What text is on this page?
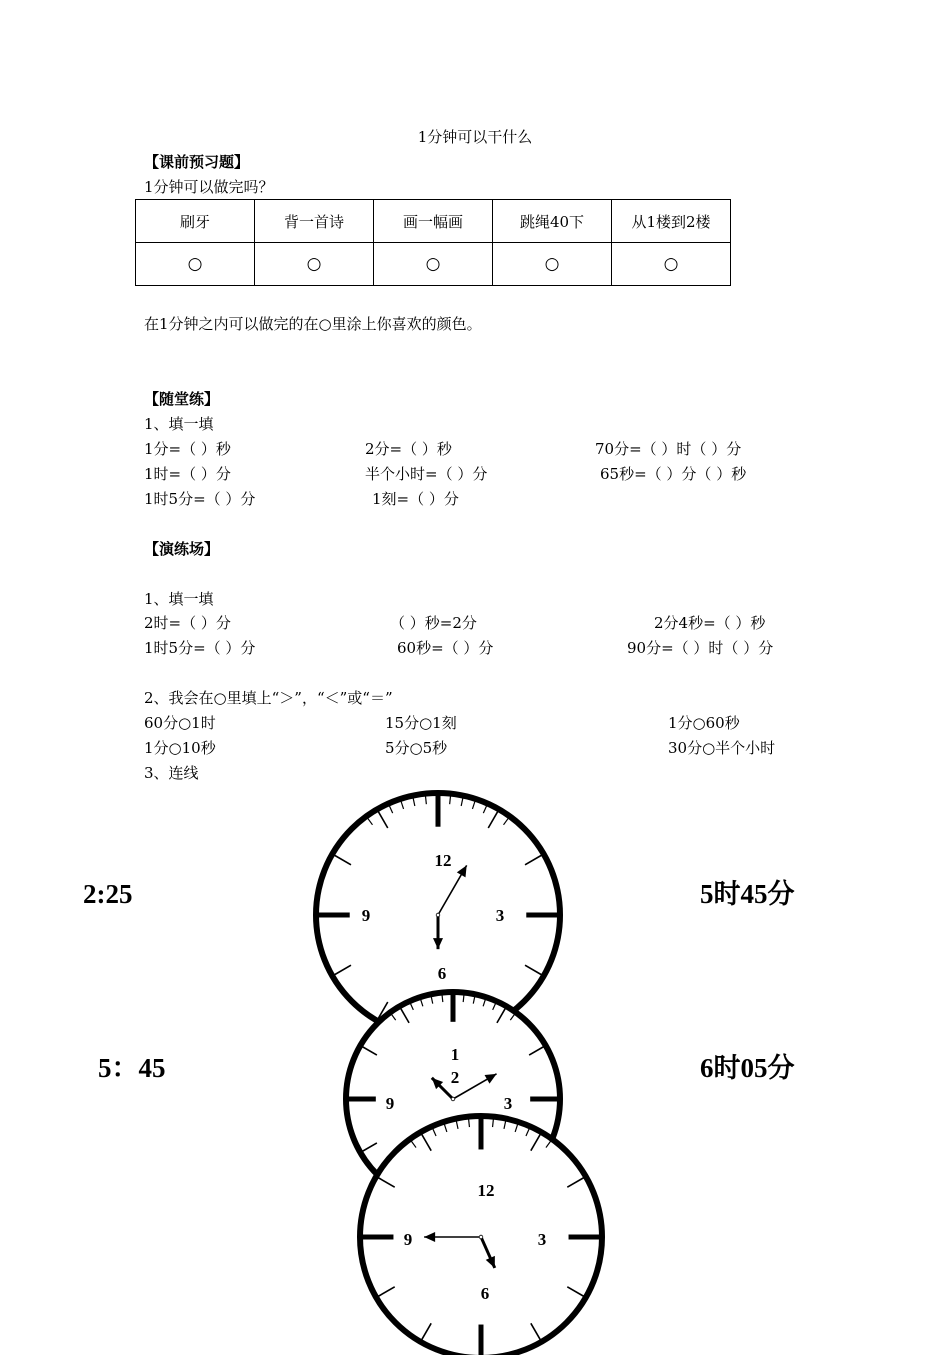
1分钟可以干什么
【课前预习题】
1分钟可以做完吗？
刷牙	背一首诗	画一幅画	跳绳40下	从1楼到2楼
○	○	○	○	○
在1分钟之内可以做完的在○里涂上你喜欢的颜色。
【随堂练】
1、填一填
1分=（ ）秒	2分=（ ）秒	70分=（ ）时（ ）分
1时=（ ）分	半个小时=（ ）分	65秒=（ ）分（ ）秒
1时5分=（ ）分	1刻=（ ）分
【演练场】
1、填一填
2时=（ ）分	（ ）秒=2分	2分4秒=（ ）秒
1时5分=（ ）分	60秒=（ ）分	90分=（ ）时（ ）分
2、我会在○里填上“＞”，“＜”或“＝”
60分○1时	15分○1刻	1分○60秒
1分○10秒	5分○5秒	30分○半个小时
3、连线
2:25
5：45
5时45分
6时05分
12
9	3
6
1
2
9	3
12
9	3
6
